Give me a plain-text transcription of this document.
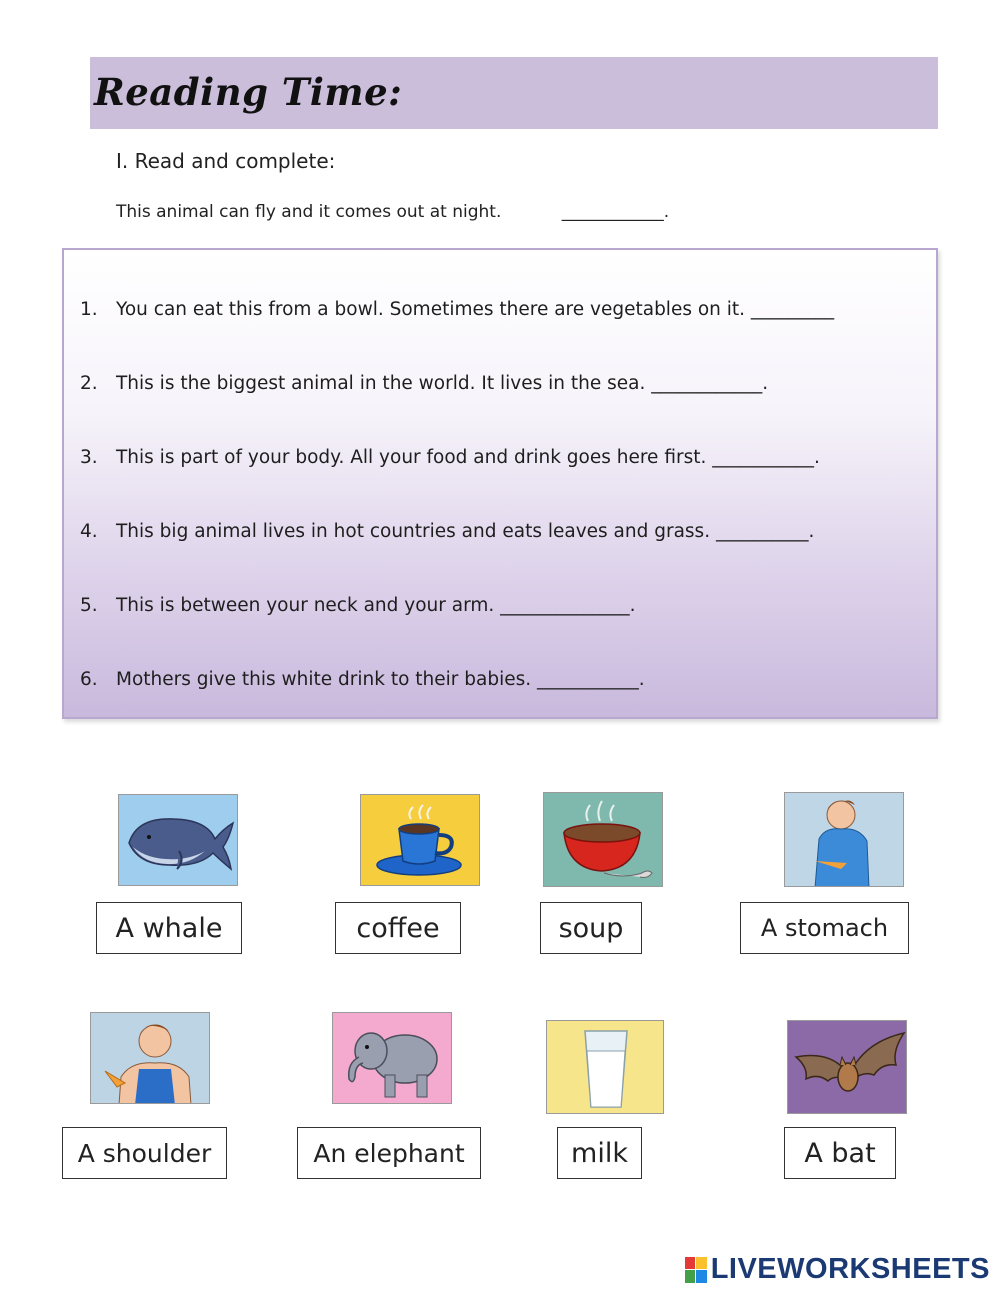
Reading Time:
I. Read and complete:
This animal can fly and it comes out at night.	____________.
1. You can eat this from a bowl. Sometimes there are vegetables on it. _________
2. This is the biggest animal in the world. It lives in the sea. ____________.
3. This is part of your body. All your food and drink goes here first. ___________.
4. This big animal lives in hot countries and eats leaves and grass. __________.
5. This is between your neck and your arm. ______________.
6. Mothers give this white drink to their babies. ___________.
A whale	coffee	soup	A stomach
A shoulder	An elephant	milk	A bat
LIVEWORKSHEETS
